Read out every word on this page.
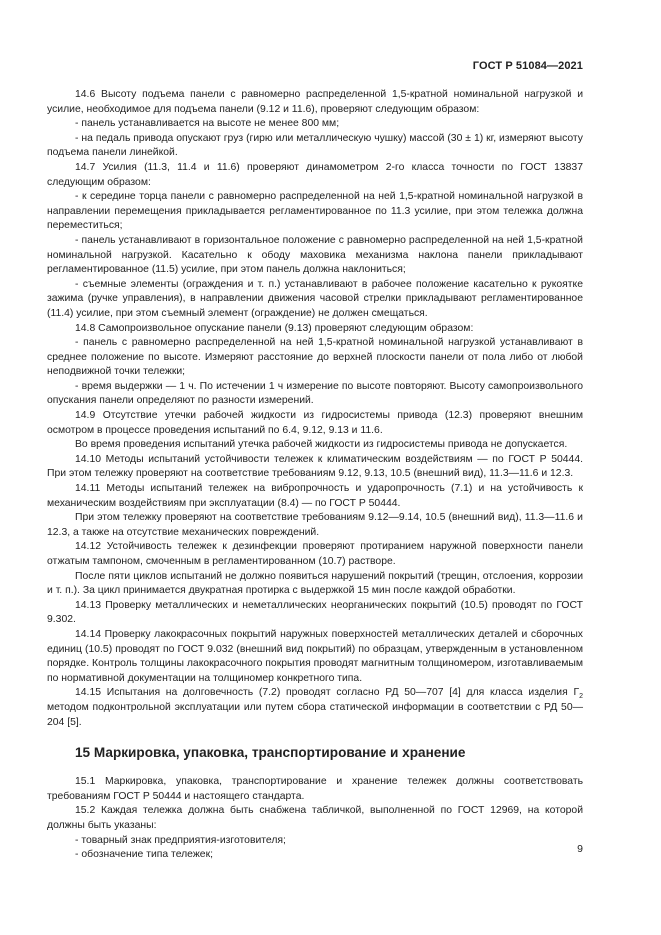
ГОСТ Р 51084—2021

14.6 Высоту подъема панели с равномерно распределенной 1,5-кратной номинальной нагрузкой и усилие, необходимое для подъема панели (9.12 и 11.6), проверяют следующим образом:

- панель устанавливается на высоте не менее 800 мм;

- на педаль привода опускают груз (гирю или металлическую чушку) массой (30 ± 1) кг, измеряют высоту подъема панели линейкой.

14.7 Усилия (11.3, 11.4 и 11.6) проверяют динамометром 2-го класса точности по ГОСТ 13837 следующим образом:

- к середине торца панели с равномерно распределенной на ней 1,5-кратной номинальной нагрузкой в направлении перемещения прикладывается регламентированное по 11.3 усилие, при этом тележка должна переместиться;

- панель устанавливают в горизонтальное положение с равномерно распределенной на ней 1,5-кратной номинальной нагрузкой. Касательно к ободу маховика механизма наклона панели прикладывают регламентированное (11.5) усилие, при этом панель должна наклониться;

- съемные элементы (ограждения и т. п.) устанавливают в рабочее положение касательно к рукоятке зажима (ручке управления), в направлении движения часовой стрелки прикладывают регламентированное (11.4) усилие, при этом съемный элемент (ограждение) не должен смещаться.

14.8 Самопроизвольное опускание панели (9.13) проверяют следующим образом:

- панель с равномерно распределенной на ней 1,5-кратной номинальной нагрузкой устанавливают в среднее положение по высоте. Измеряют расстояние до верхней плоскости панели от пола либо от любой неподвижной точки тележки;

- время выдержки — 1 ч. По истечении 1 ч измерение по высоте повторяют. Высоту самопроизвольного опускания панели определяют по разности измерений.

14.9 Отсутствие утечки рабочей жидкости из гидросистемы привода (12.3) проверяют внешним осмотром в процессе проведения испытаний по 6.4, 9.12, 9.13 и 11.6.

Во время проведения испытаний утечка рабочей жидкости из гидросистемы привода не допускается.

14.10 Методы испытаний устойчивости тележек к климатическим воздействиям — по ГОСТ Р 50444. При этом тележку проверяют на соответствие требованиям 9.12, 9.13, 10.5 (внешний вид), 11.3—11.6 и 12.3.

14.11 Методы испытаний тележек на вибропрочность и ударопрочность (7.1) и на устойчивость к механическим воздействиям при эксплуатации (8.4) — по ГОСТ Р 50444.

При этом тележку проверяют на соответствие требованиям 9.12—9.14, 10.5 (внешний вид), 11.3—11.6 и 12.3, а также на отсутствие механических повреждений.

14.12 Устойчивость тележек к дезинфекции проверяют протиранием наружной поверхности панели отжатым тампоном, смоченным в регламентированном (10.7) растворе.

После пяти циклов испытаний не должно появиться нарушений покрытий (трещин, отслоения, коррозии и т. п.). За цикл принимается двукратная протирка с выдержкой 15 мин после каждой обработки.

14.13 Проверку металлических и неметаллических неорганических покрытий (10.5) проводят по ГОСТ 9.302.

14.14 Проверку лакокрасочных покрытий наружных поверхностей металлических деталей и сборочных единиц (10.5) проводят по ГОСТ 9.032 (внешний вид покрытий) по образцам, утвержденным в установленном порядке. Контроль толщины лакокрасочного покрытия проводят магнитным толщиномером, изготавливаемым по нормативной документации на толщиномер конкретного типа.

14.15 Испытания на долговечность (7.2) проводят согласно РД 50—707 [4] для класса изделия $Г_2$ методом подконтрольной эксплуатации или путем сбора статической информации в соответствии с РД 50—204 [5].

15 Маркировка, упаковка, транспортирование и хранение

15.1 Маркировка, упаковка, транспортирование и хранение тележек должны соответствовать требованиям ГОСТ Р 50444 и настоящего стандарта.

15.2 Каждая тележка должна быть снабжена табличкой, выполненной по ГОСТ 12969, на которой должны быть указаны:

- товарный знак предприятия-изготовителя;

- обозначение типа тележек;	9
